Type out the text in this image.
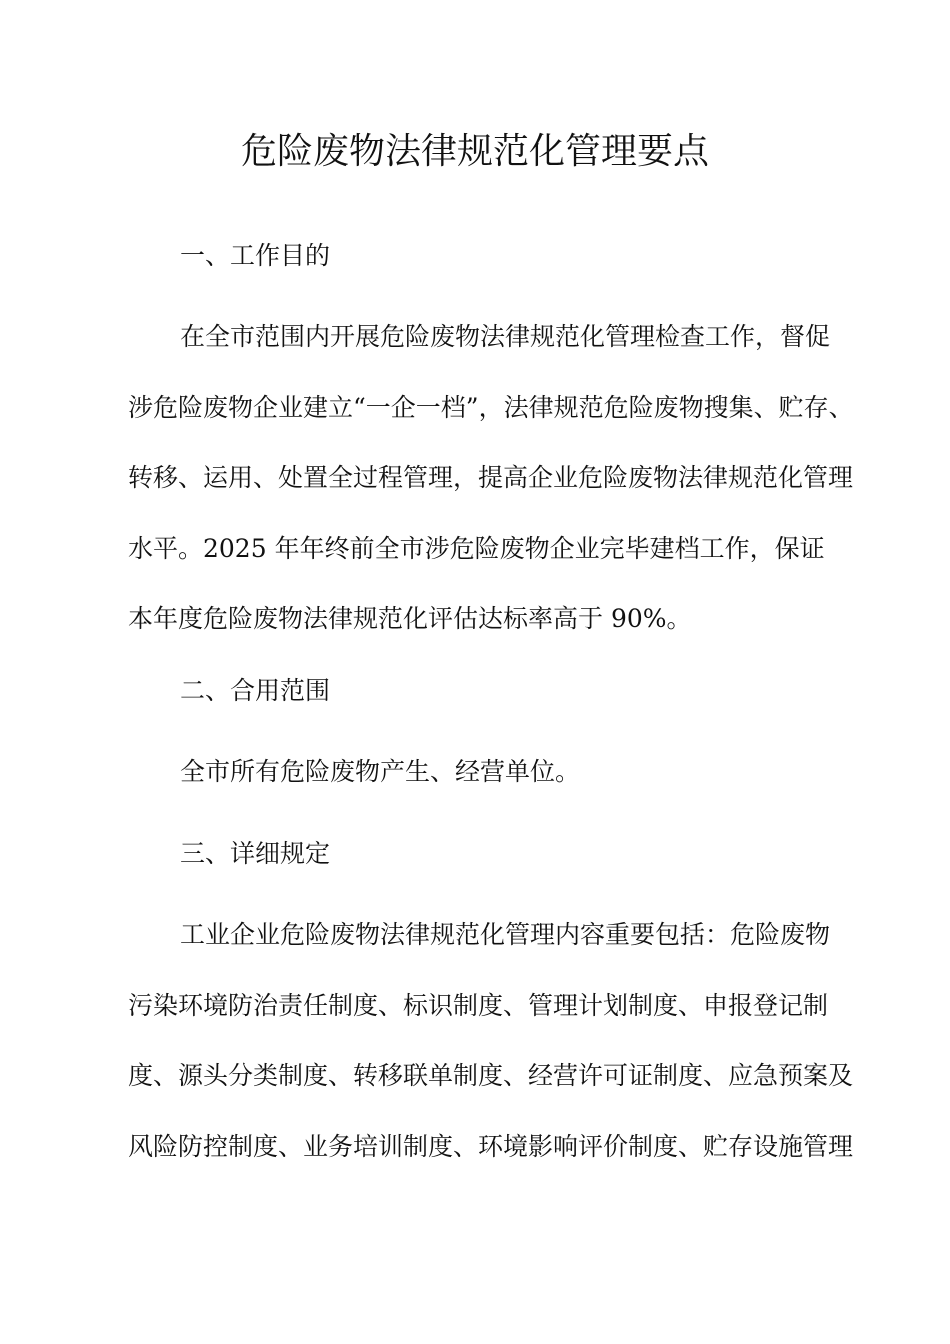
危险废物法律规范化管理要点
一、工作目的
在全市范围内开展危险废物法律规范化管理检查工作，督促
涉危险废物企业建立“一企一档”，法律规范危险废物搜集、贮存、
转移、运用、处置全过程管理，提高企业危险废物法律规范化管理
水平。2025 年年终前全市涉危险废物企业完毕建档工作，保证
本年度危险废物法律规范化评估达标率高于 90%。
二、合用范围
全市所有危险废物产生、经营单位。
三、详细规定
工业企业危险废物法律规范化管理内容重要包括：危险废物
污染环境防治责任制度、标识制度、管理计划制度、申报登记制
度、源头分类制度、转移联单制度、经营许可证制度、应急预案及
风险防控制度、业务培训制度、环境影响评价制度、贮存设施管理
